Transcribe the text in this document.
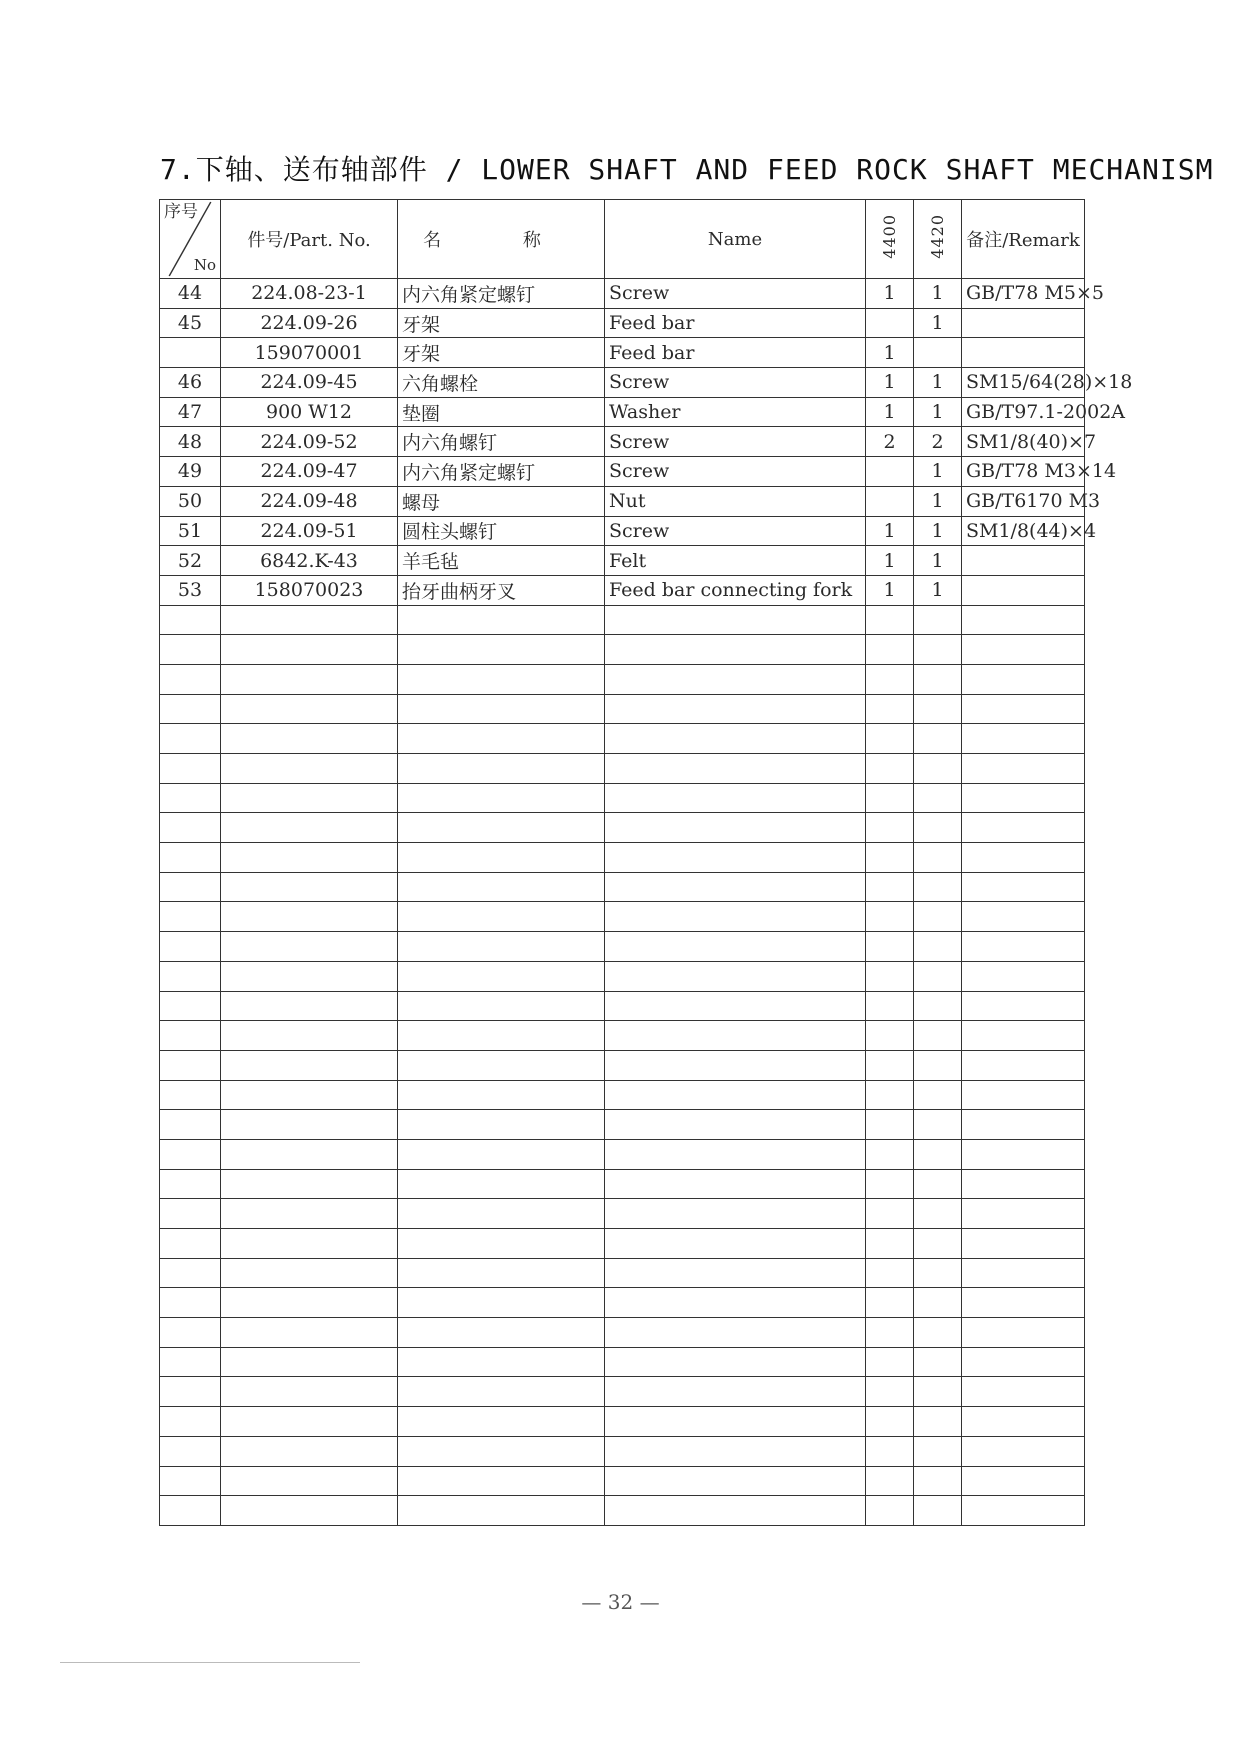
7.下轴、送布轴部件 / LOWER SHAFT AND FEED ROCK SHAFT MECHANISM
序号
No	件号/Part. No.	名 称	Name	4400	4420	备注/Remark
44	224.08-23-1	内六角紧定螺钉	Screw	1	1	GB/T78 M5×5
45	224.09-26	牙架	Feed bar		1	
	159070001	牙架	Feed bar	1		
46	224.09-45	六角螺栓	Screw	1	1	SM15/64(28)×18
47	900 W12	垫圈	Washer	1	1	GB/T97.1-2002A
48	224.09-52	内六角螺钉	Screw	2	2	SM1/8(40)×7
49	224.09-47	内六角紧定螺钉	Screw		1	GB/T78 M3×14
50	224.09-48	螺母	Nut		1	GB/T6170 M3
51	224.09-51	圆柱头螺钉	Screw	1	1	SM1/8(44)×4
52	6842.K-43	羊毛毡	Felt	1	1	
53	158070023	抬牙曲柄牙叉	Feed bar connecting fork	1	1	

— 32 —
